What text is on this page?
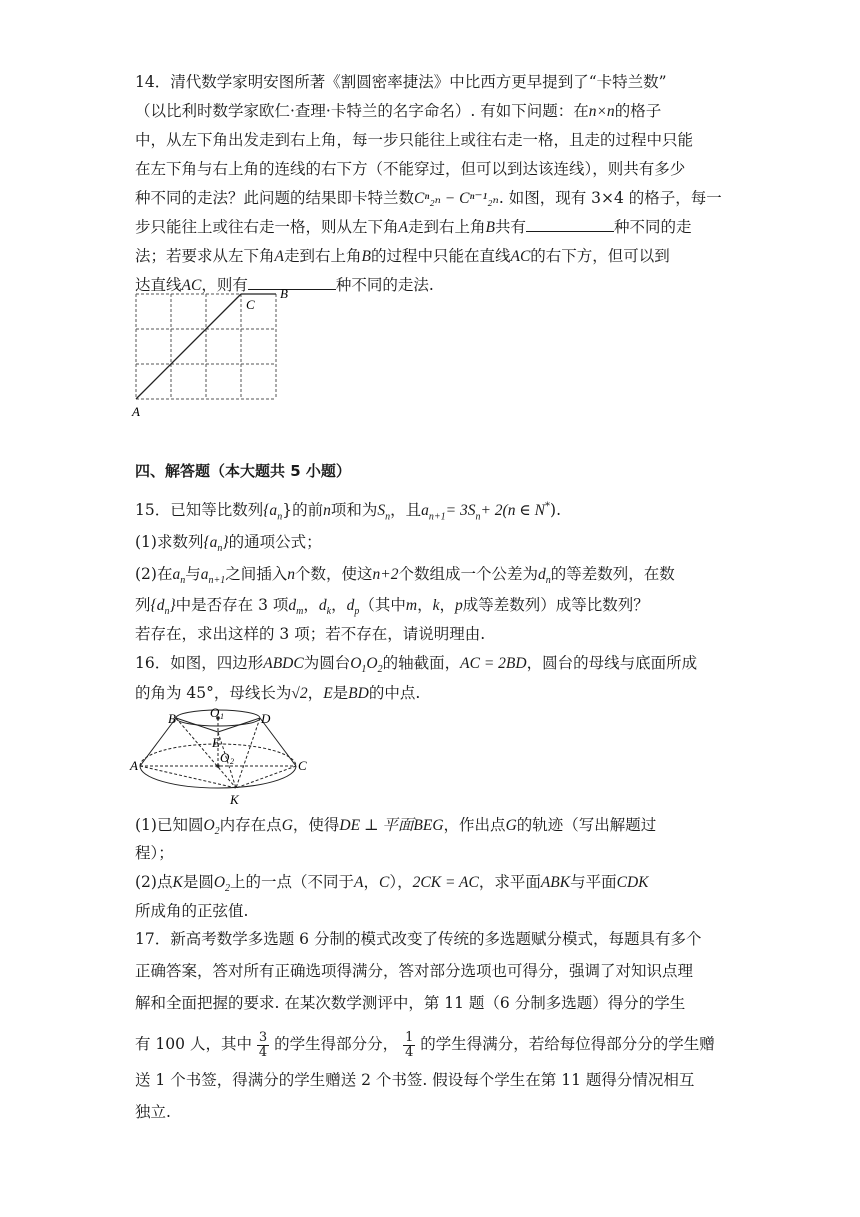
14．清代数学家明安图所著《割圆密率捷法》中比西方更早提到了“卡特兰数”
（以比利时数学家欧仁·查理·卡特兰的名字命名）. 有如下问题：在n×n的格子
中，从左下角出发走到右上角，每一步只能往上或往右走一格，且走的过程中只能
在左下角与右上角的连线的右下方（不能穿过，但可以到达该连线），则共有多少
种不同的走法？此问题的结果即卡特兰数Cⁿ₂ₙ − Cⁿ⁻¹₂ₙ. 如图，现有 3×4 的格子，每一
步只能往上或往右走一格，则从左下角A走到右上角B共有	种不同的走
法；若要求从左下角A走到右上角B的过程中只能在直线AC的右下方，但可以到
达直线AC，则有	种不同的走法.
A
C
B
四、解答题（本大题共 5 小题）
15．已知等比数列$\{a_n\}$的前n项和为$S_n$，且$a_{n+1}= 3S_n+ 2(n$ ∈ N*).
(1)求数列$\{a_n\}$的通项公式；
(2)在$a_n$与$a_{n+1}$之间插入n个数，使这n+2个数组成一个公差为$d_n$的等差数列，在数
列$\{d_n\}$中是否存在 3 项$d_m$，$d_k$，$d_p$（其中m，k，p成等差数列）成等比数列？
若存在，求出这样的 3 项；若不存在，请说明理由.
16．如图，四边形ABDC为圆台$O_1O_2$的轴截面，AC = 2BD，圆台的母线与底面所成
的角为 45°，母线长为√2，E是BD的中点.
B	O 1	D
E
O 2
A	C
K
(1)已知圆$O_2$内存在点G，使得DE ⊥ 平面BEG，作出点G的轨迹（写出解题过
程）；
(2)点K是圆$O_2$上的一点（不同于A，C），2CK = AC，求平面ABK与平面CDK
所成角的正弦值.
17．新高考数学多选题 6 分制的模式改变了传统的多选题赋分模式，每题具有多个
正确答案，答对所有正确选项得满分，答对部分选项也可得分，强调了对知识点理
解和全面把握的要求. 在某次数学测评中，第 11 题（6 分制多选题）得分的学生
有 100 人，其中 $\frac{3}{4}$ 的学生得部分分， $\frac{1}{4}$ 的学生得满分，若给每位得部分分的学生赠
送 1 个书签，得满分的学生赠送 2 个书签. 假设每个学生在第 11 题得分情况相互
独立.
